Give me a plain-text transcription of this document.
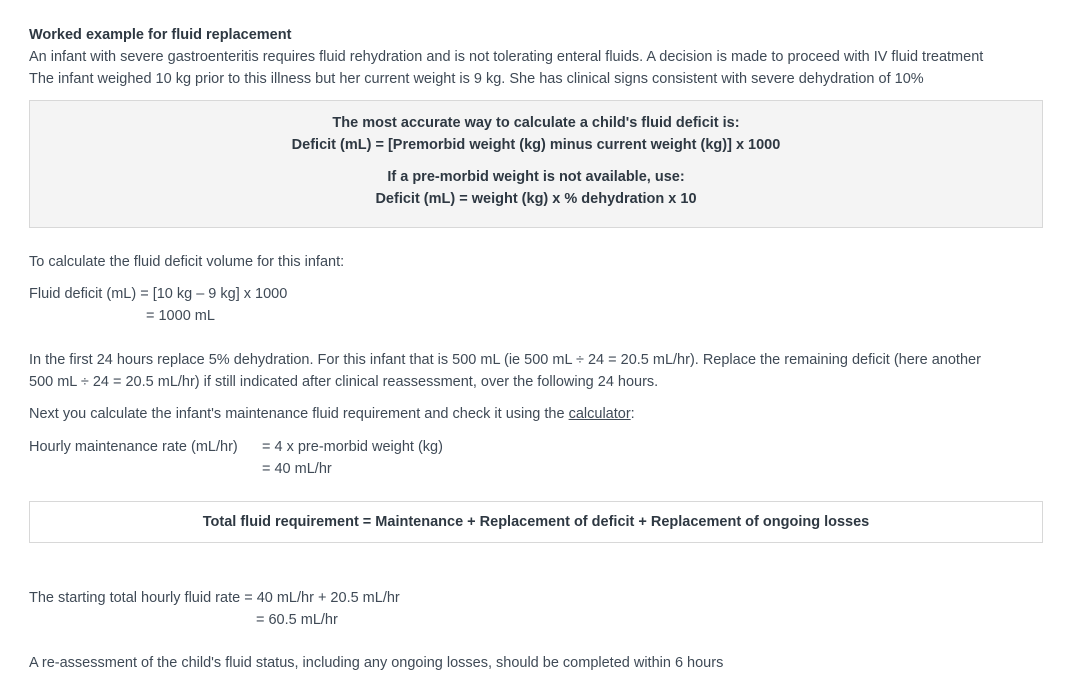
Worked example for fluid replacement
An infant with severe gastroenteritis requires fluid rehydration and is not tolerating enteral fluids. A decision is made to proceed with IV fluid treatment
The infant weighed 10 kg prior to this illness but her current weight is 9 kg. She has clinical signs consistent with severe dehydration of 10%
The most accurate way to calculate a child's fluid deficit is:
Deficit (mL) = [Premorbid weight (kg) minus current weight (kg)] x 1000
If a pre-morbid weight is not available, use:
Deficit (mL) = weight (kg) x % dehydration x 10
To calculate the fluid deficit volume for this infant:
Fluid deficit (mL) = [10 kg – 9 kg] x 1000
= 1000 mL
In the first 24 hours replace 5% dehydration. For this infant that is 500 mL (ie 500 mL ÷ 24 = 20.5 mL/hr). Replace the remaining deficit (here another
500 mL ÷ 24 = 20.5 mL/hr) if still indicated after clinical reassessment, over the following 24 hours.
Next you calculate the infant's maintenance fluid requirement and check it using the calculator:
Hourly maintenance rate (mL/hr) = 4 x pre-morbid weight (kg)
= 40 mL/hr
Total fluid requirement = Maintenance + Replacement of deficit + Replacement of ongoing losses
The starting total hourly fluid rate = 40 mL/hr + 20.5 mL/hr
= 60.5 mL/hr
A re-assessment of the child's fluid status, including any ongoing losses, should be completed within 6 hours
